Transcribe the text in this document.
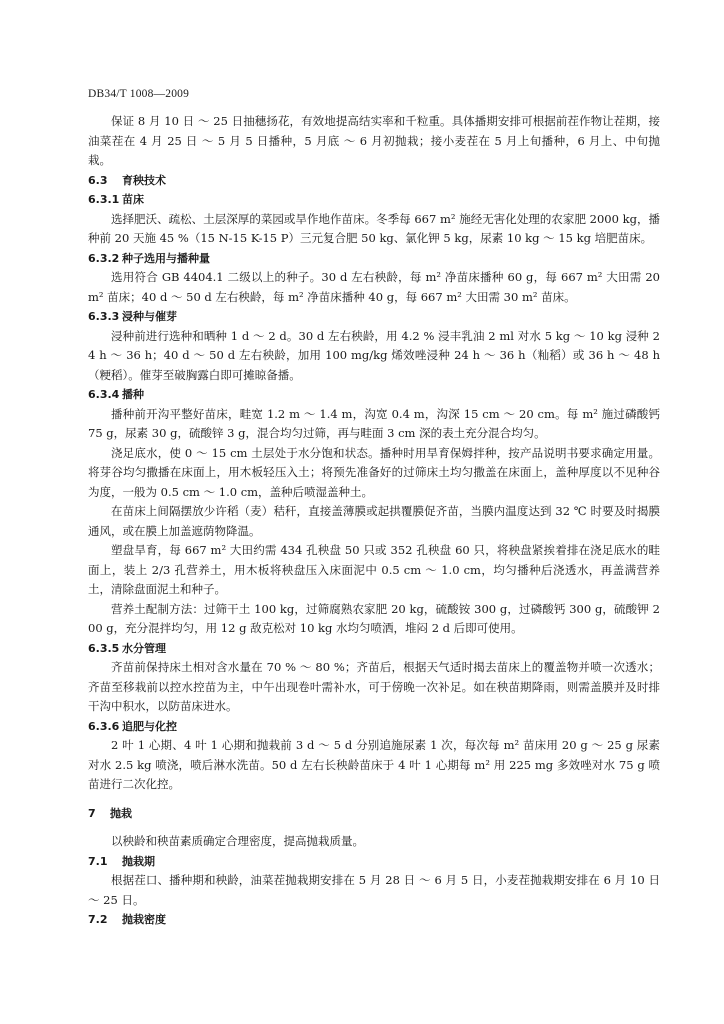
DB34/T 1008—2009

保证 8 月 10 日 ～ 25 日抽穗扬花，有效地提高结实率和千粒重。具体播期安排可根据前茬作物让茬期，接油菜茬在 4 月 25 日 ～ 5 月 5 日播种，5 月底 ～ 6 月初抛栽；接小麦茬在 5 月上旬播种，6 月上、中旬抛栽。

6.3 育秧技术
6.3.1 苗床

选择肥沃、疏松、土层深厚的菜园或旱作地作苗床。冬季每 667 m² 施经无害化处理的农家肥 2000 kg，播种前 20 天施 45 %（15 N-15 K-15 P）三元复合肥 50 kg、氯化钾 5 kg，尿素 10 kg ～ 15 kg 培肥苗床。

6.3.2 种子选用与播种量

选用符合 GB 4404.1 二级以上的种子。30 d 左右秧龄，每 m² 净苗床播种 60 g，每 667 m² 大田需 20 m² 苗床；40 d ～ 50 d 左右秧龄，每 m² 净苗床播种 40 g，每 667 m² 大田需 30 m² 苗床。

6.3.3 浸种与催芽

浸种前进行选种和晒种 1 d ～ 2 d。30 d 左右秧龄，用 4.2 % 浸丰乳油 2 ml 对水 5 kg ～ 10 kg 浸种 24 h ～ 36 h；40 d ～ 50 d 左右秧龄，加用 100 mg/kg 烯效唑浸种 24 h ～ 36 h（籼稻）或 36 h ～ 48 h（粳稻）。催芽至破胸露白即可摊晾备播。

6.3.4 播种

播种前开沟平整好苗床，畦宽 1.2 m ～ 1.4 m，沟宽 0.4 m，沟深 15 cm ～ 20 cm。每 m² 施过磷酸钙 75 g，尿素 30 g，硫酸锌 3 g，混合均匀过筛，再与畦面 3 cm 深的表土充分混合均匀。

浇足底水，使 0 ～ 15 cm 土层处于水分饱和状态。播种时用旱育保姆拌种，按产品说明书要求确定用量。将芽谷均匀撒播在床面上，用木板轻压入土；将预先准备好的过筛床土均匀撒盖在床面上，盖种厚度以不见种谷为度，一般为 0.5 cm ～ 1.0 cm，盖种后喷湿盖种土。

在苗床上间隔摆放少许稻（麦）秸秆，直接盖薄膜或起拱覆膜促齐苗，当膜内温度达到 32 ℃ 时要及时揭膜通风，或在膜上加盖遮荫物降温。

塑盘旱育，每 667 m² 大田约需 434 孔秧盘 50 只或 352 孔秧盘 60 只，将秧盘紧挨着排在浇足底水的畦面上，装上 2/3 孔营养土，用木板将秧盘压入床面泥中 0.5 cm ～ 1.0 cm，均匀播种后浇透水，再盖满营养土，清除盘面泥土和种子。

营养土配制方法：过筛干土 100 kg，过筛腐熟农家肥 20 kg，硫酸铵 300 g，过磷酸钙 300 g，硫酸钾 200 g，充分混拌均匀，用 12 g 敌克松对 10 kg 水均匀喷洒，堆闷 2 d 后即可使用。

6.3.5 水分管理

齐苗前保持床土相对含水量在 70 % ～ 80 %；齐苗后，根据天气适时揭去苗床上的覆盖物并喷一次透水；齐苗至移栽前以控水控苗为主，中午出现卷叶需补水，可于傍晚一次补足。如在秧苗期降雨，则需盖膜并及时排干沟中积水，以防苗床进水。

6.3.6 追肥与化控

2 叶 1 心期、4 叶 1 心期和抛栽前 3 d ～ 5 d 分别追施尿素 1 次，每次每 m² 苗床用 20 g ～ 25 g 尿素对水 2.5 kg 喷浇，喷后淋水洗苗。50 d 左右长秧龄苗床于 4 叶 1 心期每 m² 用 225 mg 多效唑对水 75 g 喷苗进行二次化控。

7 抛栽

以秧龄和秧苗素质确定合理密度，提高抛栽质量。

7.1 抛栽期

根据茬口、播种期和秧龄，油菜茬抛栽期安排在 5 月 28 日 ～ 6 月 5 日，小麦茬抛栽期安排在 6 月 10 日 ～ 25 日。

7.2 抛栽密度
